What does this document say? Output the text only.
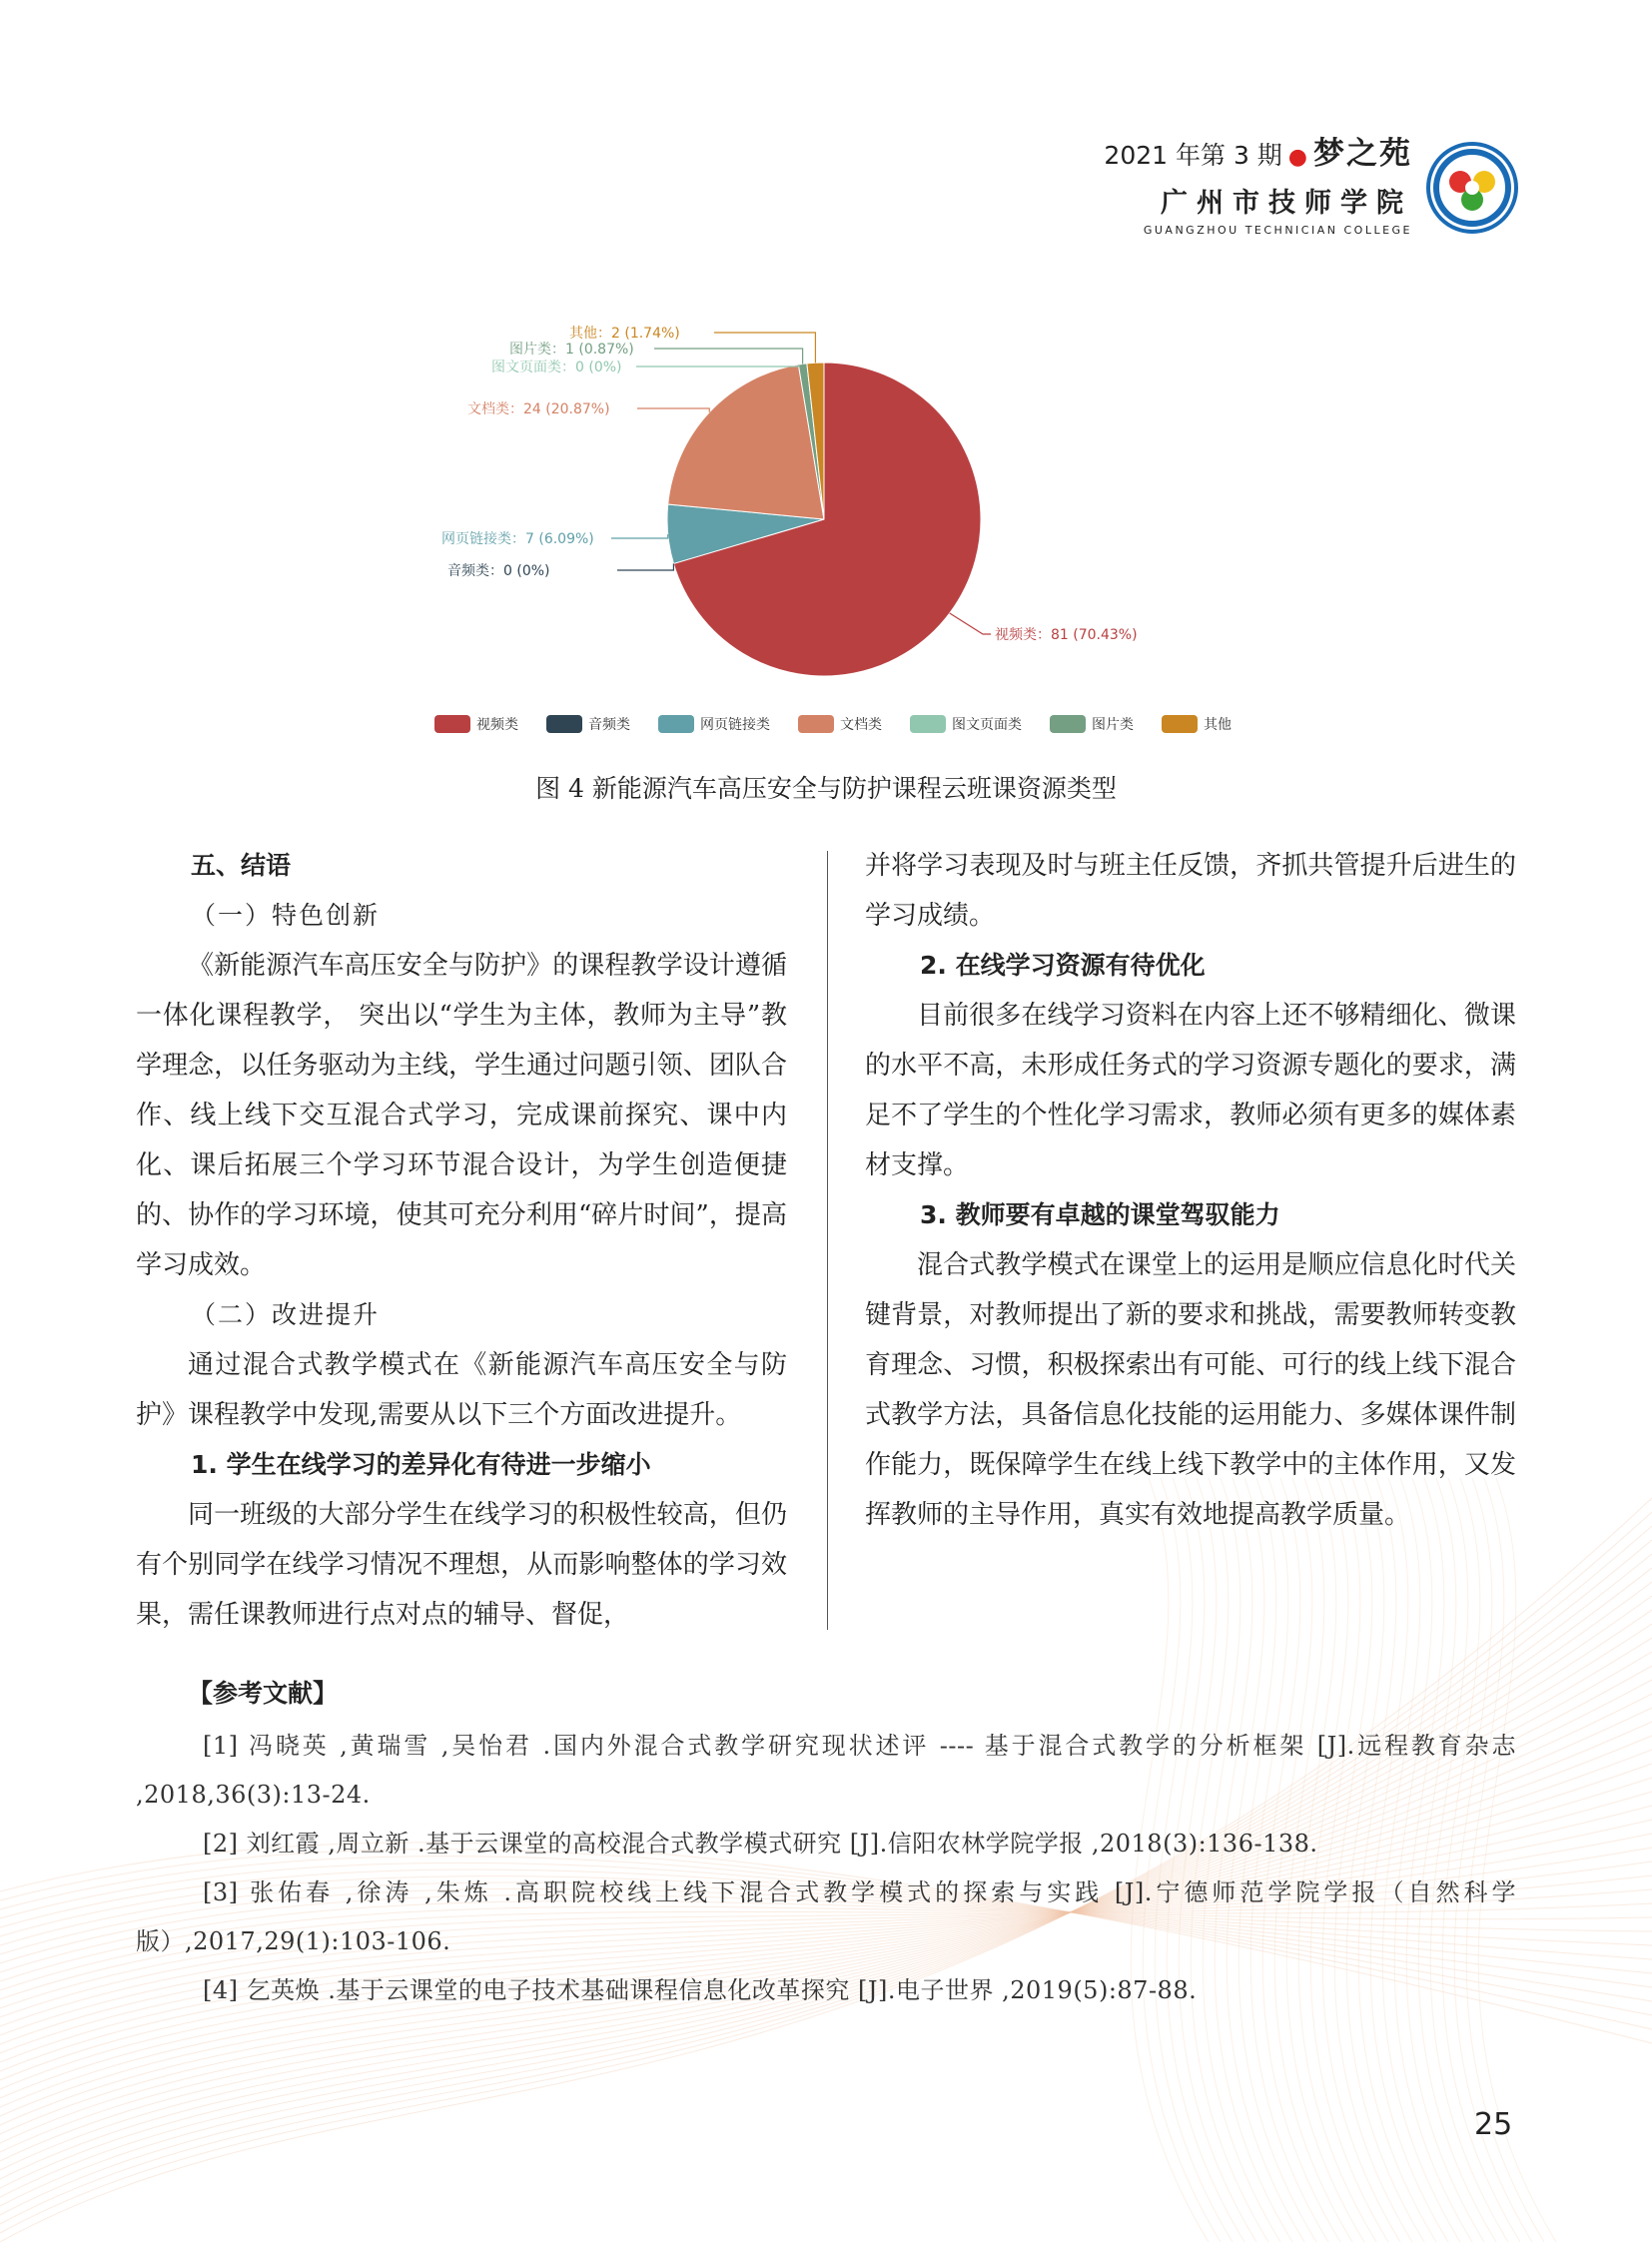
2021 年第 3 期 ● 梦之苑
广州市技师学院
GUANGZHOU TECHNICIAN COLLEGE
视频类：81 (70.43%)
音频类：0 (0%)
网页链接类：7 (6.09%)
文档类：24 (20.87%)
图文页面类：0 (0%)
图片类：1 (0.87%)
其他：2 (1.74%)
视频类	音频类	网页链接类	文档类	图文页面类	图片类	其他
图 4 新能源汽车高压安全与防护课程云班课资源类型

五、结语

（一）特色创新

《新能源汽车高压安全与防护》的课程教学设计遵循一体化课程教学， 突出以“学生为主体，教师为主导”教学理念，以任务驱动为主线，学生通过问题引领、团队合作、线上线下交互混合式学习，完成课前探究、课中内化、课后拓展三个学习环节混合设计，为学生创造便捷的、协作的学习环境，使其可充分利用“碎片时间”，提高学习成效。

（二）改进提升

通过混合式教学模式在《新能源汽车高压安全与防护》课程教学中发现,需要从以下三个方面改进提升。

1. 学生在线学习的差异化有待进一步缩小

同一班级的大部分学生在线学习的积极性较高，但仍有个别同学在线学习情况不理想，从而影响整体的学习效果，需任课教师进行点对点的辅导、督促，

并将学习表现及时与班主任反馈，齐抓共管提升后进生的学习成绩。

2. 在线学习资源有待优化

目前很多在线学习资料在内容上还不够精细化、微课的水平不高，未形成任务式的学习资源专题化的要求，满足不了学生的个性化学习需求，教师必须有更多的媒体素材支撑。

3. 教师要有卓越的课堂驾驭能力

混合式教学模式在课堂上的运用是顺应信息化时代关键背景，对教师提出了新的要求和挑战，需要教师转变教育理念、习惯，积极探索出有可能、可行的线上线下混合式教学方法，具备信息化技能的运用能力、多媒体课件制作能力，既保障学生在线上线下教学中的主体作用，又发挥教师的主导作用，真实有效地提高教学质量。

【参考文献】

[1] 冯晓英 ,黄瑞雪 ,吴怡君 .国内外混合式教学研究现状述评 ---- 基于混合式教学的分析框架 [J].远程教育杂志 ,2018,36(3):13-24.

[2] 刘红霞 ,周立新 .基于云课堂的高校混合式教学模式研究 [J].信阳农林学院学报 ,2018(3):136-138.

[3] 张佑春 ,徐涛 ,朱炼 .高职院校线上线下混合式教学模式的探索与实践 [J].宁德师范学院学报（自然科学版）,2017,29(1):103-106.

[4] 乞英焕 .基于云课堂的电子技术基础课程信息化改革探究 [J].电子世界 ,2019(5):87-88.

25
